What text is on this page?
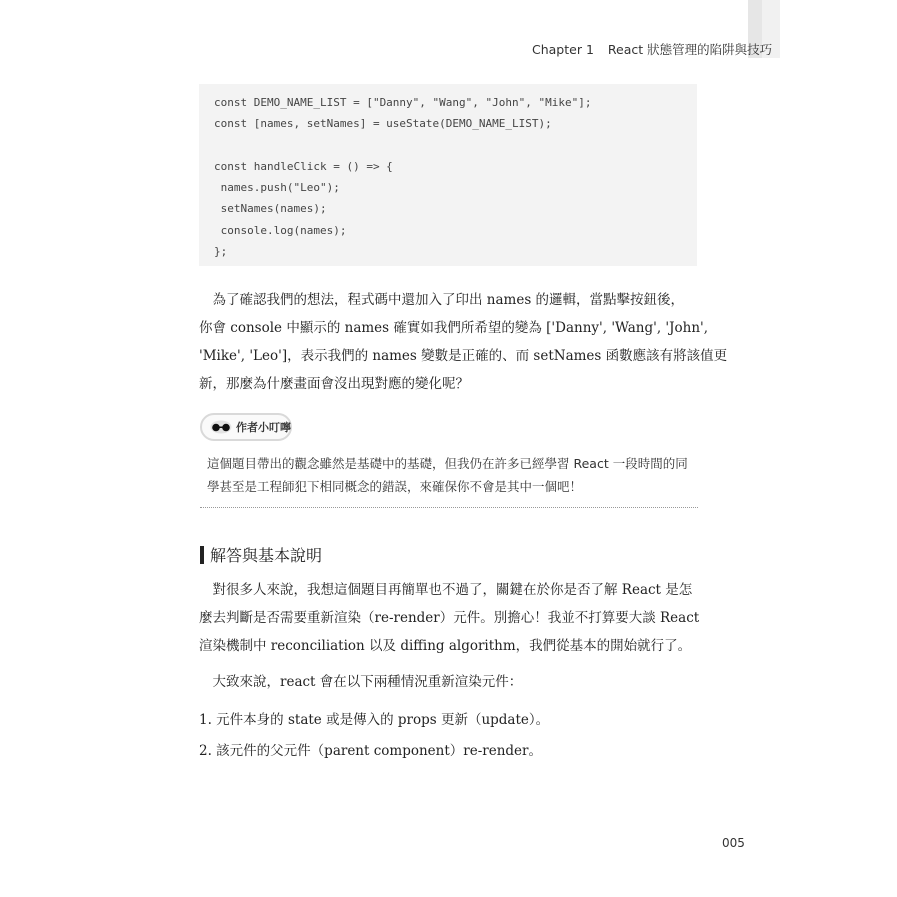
Chapter 1 React 狀態管理的陷阱與技巧
const DEMO_NAME_LIST = ["Danny", "Wang", "John", "Mike"];
const [names, setNames] = useState(DEMO_NAME_LIST);
const handleClick = () => {
names.push("Leo");
setNames(names);
console.log(names);
};

　為了確認我們的想法，程式碼中還加入了印出 names 的邏輯，當點擊按鈕後，
你會 console 中顯示的 names 確實如我們所希望的變為 ['Danny', 'Wang', 'John',
'Mike', 'Leo']，表示我們的 names 變數是正確的、而 setNames 函數應該有將該值更
新，那麼為什麼畫面會沒出現對應的變化呢？

作者小叮嚀
這個題目帶出的觀念雖然是基礎中的基礎，但我仍在許多已經學習 React 一段時間的同
學甚至是工程師犯下相同概念的錯誤，來確保你不會是其中一個吧！
解答與基本說明

　對很多人來說，我想這個題目再簡單也不過了，關鍵在於你是否了解 React 是怎
麼去判斷是否需要重新渲染（re-render）元件。別擔心！我並不打算要大談 React
渲染機制中 reconciliation 以及 diffing algorithm，我們從基本的開始就行了。

　大致來說，react 會在以下兩種情況重新渲染元件：

1. 元件本身的 state 或是傳入的 props 更新（update）。

2. 該元件的父元件（parent component）re-render。

005
